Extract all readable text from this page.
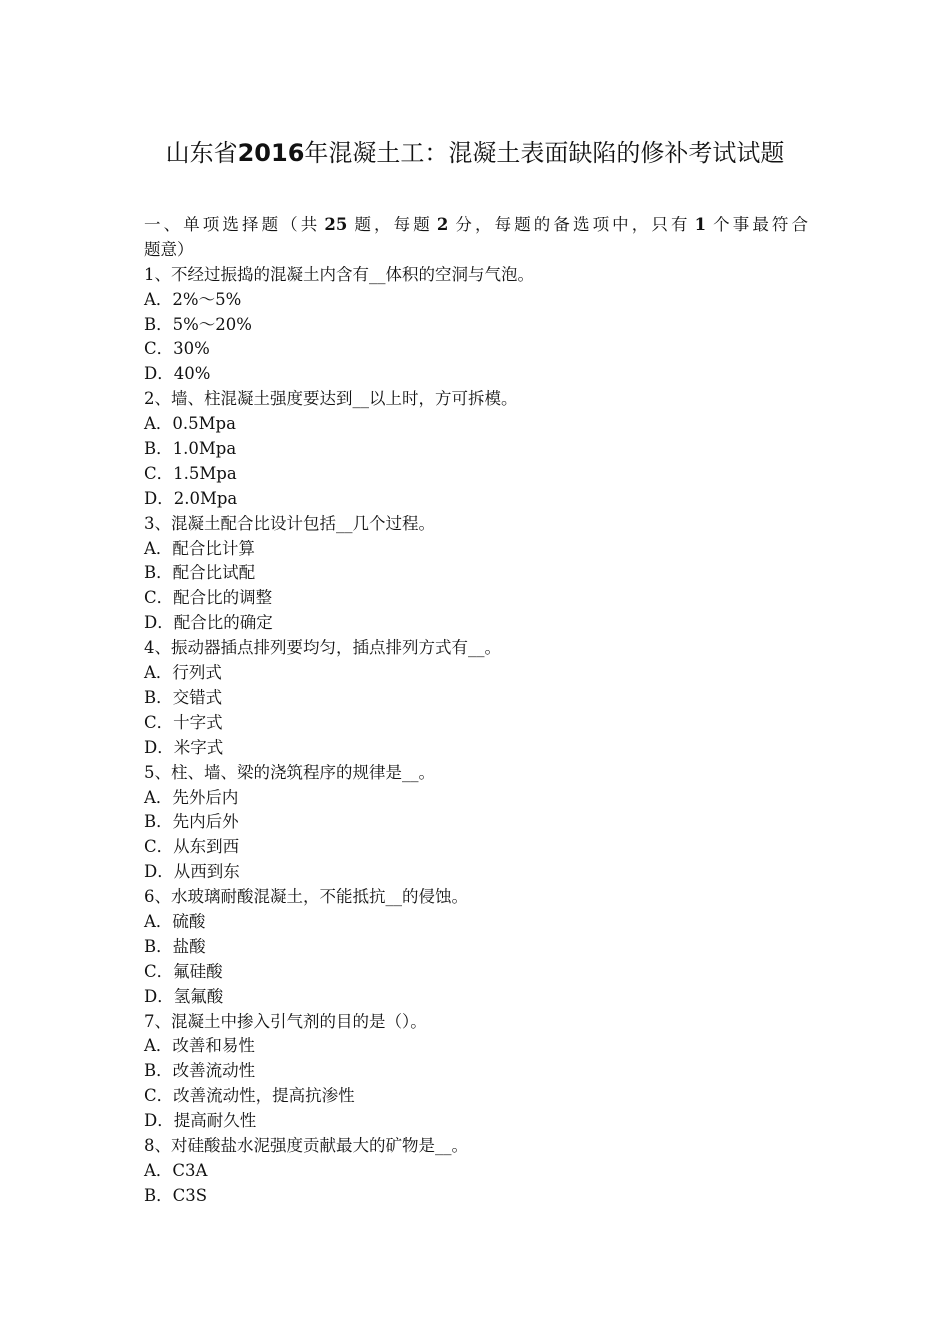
山东省2016年混凝土工：混凝土表面缺陷的修补考试试题
一、单项选择题（共 25 题，每题 2 分，每题的备选项中，只有 1 个事最符合
题意）
1、不经过振捣的混凝土内含有__体积的空洞与气泡。
A．2%～5%
B．5%～20%
C．30%
D．40%
2、墙、柱混凝土强度要达到__以上时，方可拆模。
A．0.5Mpa
B．1.0Mpa
C．1.5Mpa
D．2.0Mpa
3、混凝土配合比设计包括__几个过程。
A．配合比计算
B．配合比试配
C．配合比的调整
D．配合比的确定
4、振动器插点排列要均匀，插点排列方式有__。
A．行列式
B．交错式
C．十字式
D．米字式
5、柱、墙、梁的浇筑程序的规律是__。
A．先外后内
B．先内后外
C．从东到西
D．从西到东
6、水玻璃耐酸混凝土，不能抵抗__的侵蚀。
A．硫酸
B．盐酸
C．氟硅酸
D．氢氟酸
7、混凝土中掺入引气剂的目的是（）。
A．改善和易性
B．改善流动性
C．改善流动性，提高抗渗性
D．提高耐久性
8、对硅酸盐水泥强度贡献最大的矿物是__。
A．C3A
B．C3S
